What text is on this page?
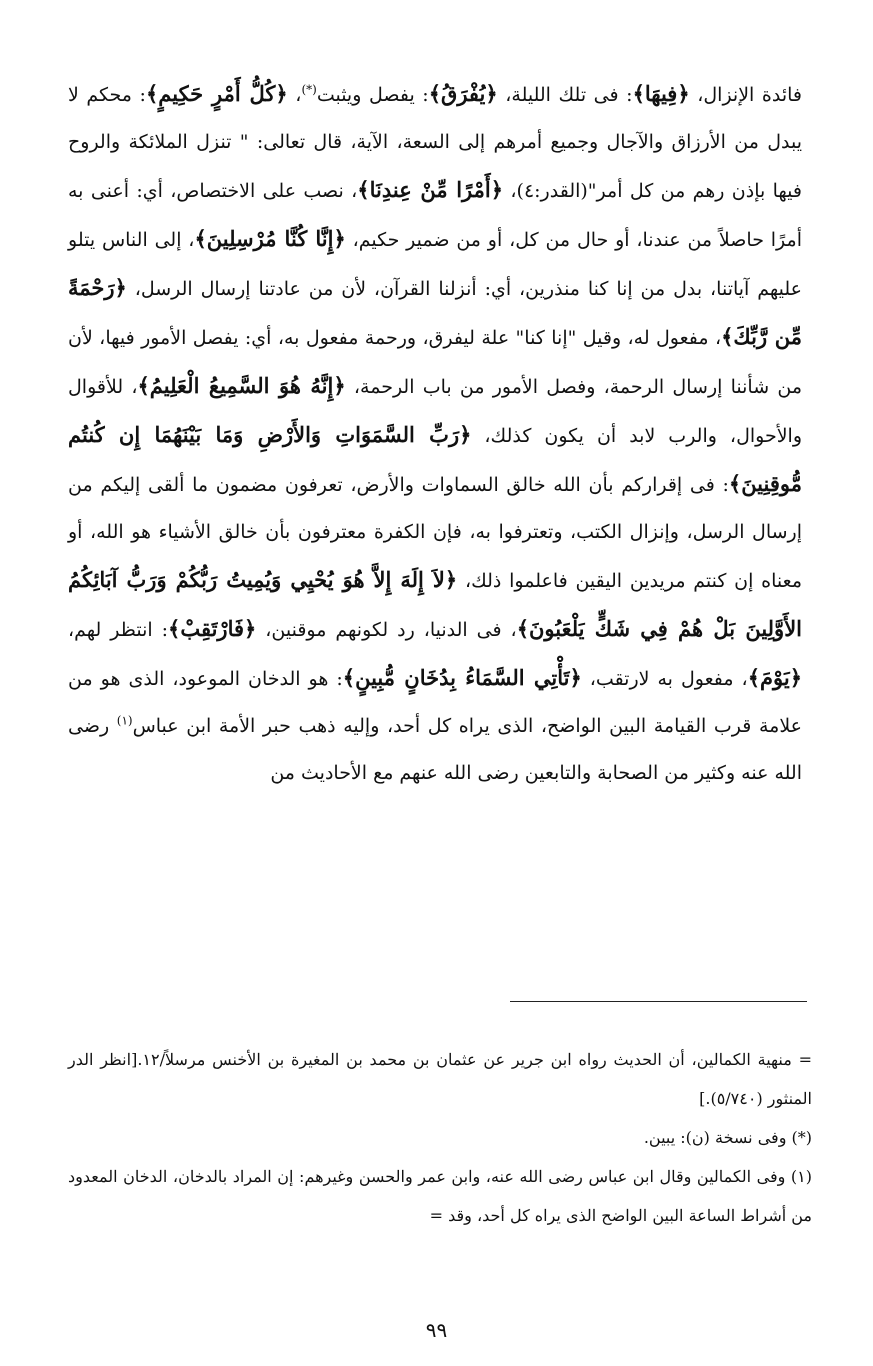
فائدة الإنزال، ﴿فِيهَا﴾: فى تلك الليلة، ﴿يُفْرَقُ﴾: يفصل ويثبت(*)، ﴿كُلُّ أَمْرٍ حَكِيمٍ﴾: محكم لا يبدل من الأرزاق والآجال وجميع أمرهم إلى السعة، الآية، قال تعالى: " تنزل الملائكة والروح فيها بإذن رهم من كل أمر"(القدر:٤)، ﴿أَمْرًا مِّنْ عِندِنَا﴾، نصب على الاختصاص، أي: أعنى به أمرًا حاصلاً من عندنا، أو حال من كل، أو من ضمير حكيم، ﴿إِنَّا كُنَّا مُرْسِلِينَ﴾، إلى الناس يتلو عليهم آياتنا، بدل من إنا كنا منذرين، أي: أنزلنا القرآن، لأن من عادتنا إرسال الرسل، ﴿رَحْمَةً مِّن رَّبِّكَ﴾، مفعول له، وقيل "إنا كنا" علة ليفرق، ورحمة مفعول به، أي: يفصل الأمور فيها، لأن من شأننا إرسال الرحمة، وفصل الأمور من باب الرحمة، ﴿إِنَّهُ هُوَ السَّمِيعُ الْعَلِيمُ﴾، للأقوال والأحوال، والرب لابد أن يكون كذلك، ﴿رَبِّ السَّمَوَاتِ وَالأَرْضِ وَمَا بَيْنَهُمَا إِن كُنتُم مُّوقِنِينَ﴾: فى إقراركم بأن الله خالق السماوات والأرض، تعرفون مضمون ما ألقى إليكم من إرسال الرسل، وإنزال الكتب، وتعترفوا به، فإن الكفرة معترفون بأن خالق الأشياء هو الله، أو معناه إن كنتم مريدين اليقين فاعلموا ذلك، ﴿لاَ إِلَهَ إِلاَّ هُوَ يُحْيِي وَيُمِيتُ رَبُّكُمْ وَرَبُّ آبَائِكُمُ الأَوَّلِينَ بَلْ هُمْ فِي شَكٍّ يَلْعَبُونَ﴾، فى الدنيا، رد لكونهم موقنين، ﴿فَارْتَقِبْ﴾: انتظر لهم، ﴿يَوْمَ﴾، مفعول به لارتقب، ﴿تَأْتِي السَّمَاءُ بِدُخَانٍ مُّبِينٍ﴾: هو الدخان الموعود، الذى هو من علامة قرب القيامة البين الواضح، الذى يراه كل أحد، وإليه ذهب حبر الأمة ابن عباس$^{(١)}$ رضى الله عنه وكثير من الصحابة والتابعين رضى الله عنهم مع الأحاديث من

= منهية الكمالين، أن الحديث رواه ابن جرير عن عثمان بن محمد بن المغيرة بن الأخنس مرسلاً/١٢.[انظر الدر المنثور (٥/٧٤٠).]

(*) وفى نسخة (ن): يبين.

(١) وفى الكمالين وقال ابن عباس رضى الله عنه، وابن عمر والحسن وغيرهم: إن المراد بالدخان، الدخان المعدود من أشراط الساعة البين الواضح الذى يراه كل أحد، وقد =

٩٩
